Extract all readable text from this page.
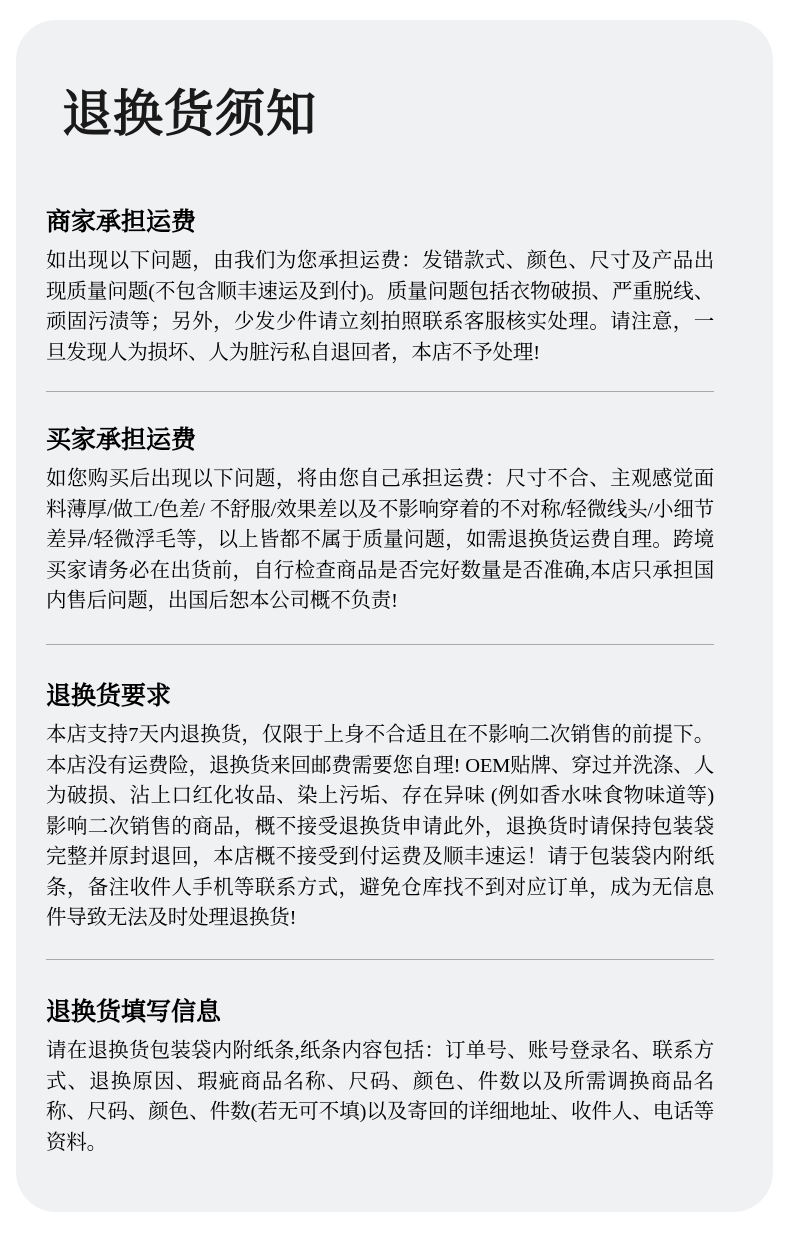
退换货须知
商家承担运费

如出现以下问题，由我们为您承担运费：发错款式、颜色、尺寸及产品出现质量问题(不包含顺丰速运及到付)。质量问题包括衣物破损、严重脱线、顽固污渍等；另外，少发少件请立刻拍照联系客服核实处理。请注意，一旦发现人为损坏、人为脏污私自退回者，本店不予处理!

买家承担运费

如您购买后出现以下问题，将由您自己承担运费：尺寸不合、主观感觉面料薄厚/做工/色差/ 不舒服/效果差以及不影响穿着的不对称/轻微线头/小细节差异/轻微浮毛等，以上皆都不属于质量问题，如需退换货运费自理。跨境买家请务必在出货前，自行检查商品是否完好数量是否准确,本店只承担国内售后问题，出国后恕本公司概不负责!

退换货要求

本店支持7天内退换货，仅限于上身不合适且在不影响二次销售的前提下。本店没有运费险，退换货来回邮费需要您自理! OEM贴牌、穿过并洗涤、人为破损、沾上口红化妆品、染上污垢、存在异味 (例如香水味食物味道等) 影响二次销售的商品，概不接受退换货申请此外，退换货时请保持包装袋完整并原封退回，本店概不接受到付运费及顺丰速运！请于包装袋内附纸条，备注收件人手机等联系方式，避免仓库找不到对应订单，成为无信息件导致无法及时处理退换货!

退换货填写信息

请在退换货包装袋内附纸条,纸条内容包括：订单号、账号登录名、联系方式、退换原因、瑕疵商品名称、尺码、颜色、件数以及所需调换商品名称、尺码、颜色、件数(若无可不填)以及寄回的详细地址、收件人、电话等资料。
